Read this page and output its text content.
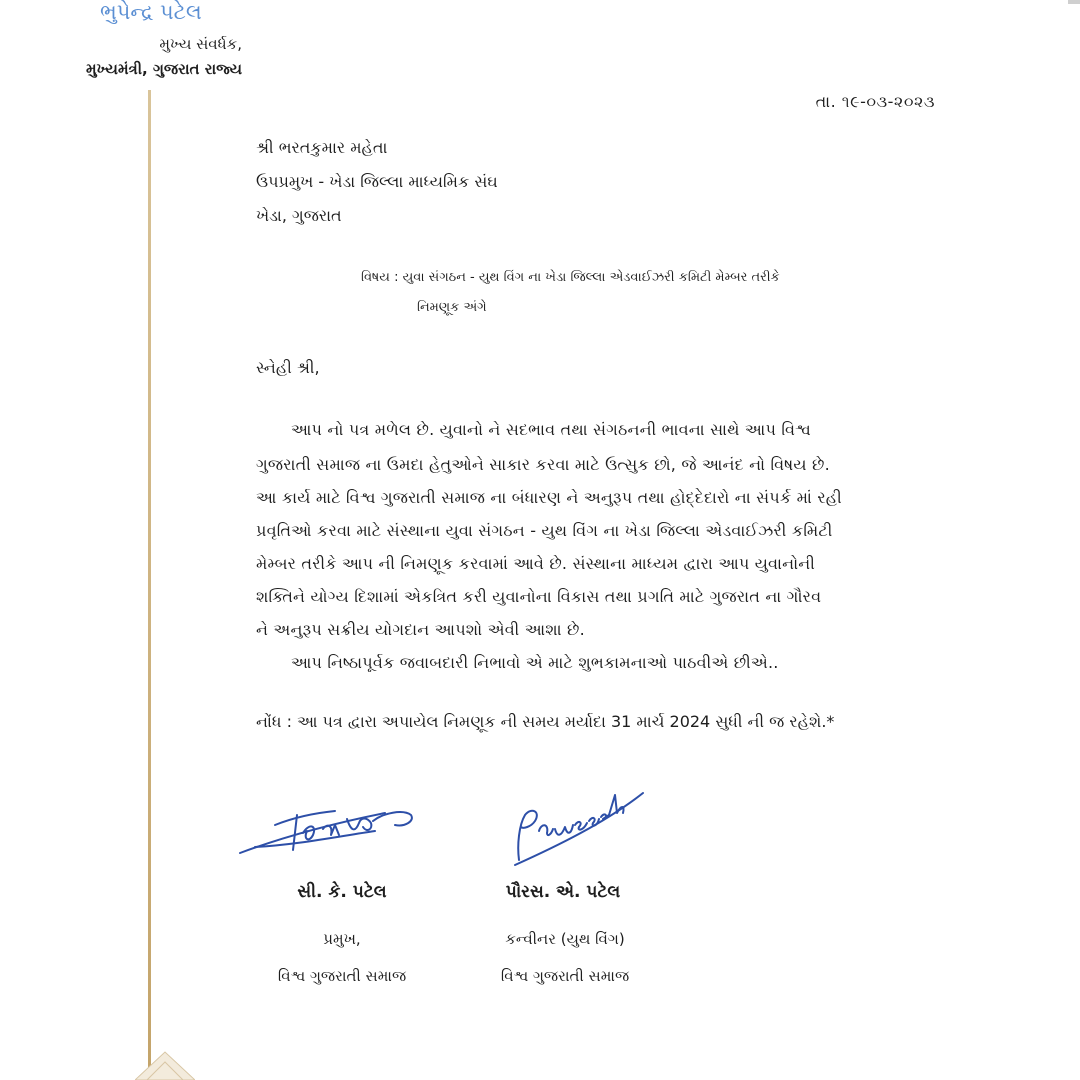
ભુપેન્દ્ર પટેલ
મુખ્ય સંવર્ધક,
મુખ્યમંત્રી, ગુજરાત રાજ્ય
તા. ૧૯-૦૩-૨૦૨૩
શ્રી ભરતકુમાર મહેતા
ઉપપ્રમુખ - ખેડા જિલ્લા માધ્યમિક સંઘ
ખેડા, ગુજરાત
વિષય : યુવા સંગઠન - યુથ વિંગ ના ખેડા જિલ્લા એડવાઈઝરી કમિટી મેમ્બર તરીકે
નિમણૂક અંગે
સ્નેહી શ્રી,
આપ નો પત્ર મળેલ છે. યુવાનો ને સદભાવ તથા સંગઠનની ભાવના સાથે આપ વિશ્વ
ગુજરાતી સમાજ ના ઉમદા હેતુઓને સાકાર કરવા માટે ઉત્સુક છો, જે આનંદ નો વિષય છે.
આ કાર્ય માટે વિશ્વ ગુજરાતી સમાજ ના બંધારણ ને અનુરૂપ તથા હોદ્દેદારો ના સંપર્ક માં રહી
પ્રવૃતિઓ કરવા માટે સંસ્થાના યુવા સંગઠન - યુથ વિંગ ના ખેડા જિલ્લા એડવાઈઝરી કમિટી
મેમ્બર તરીકે આપ ની નિમણૂક કરવામાં આવે છે. સંસ્થાના માધ્યમ દ્વારા આપ યુવાનોની
શક્તિને યોગ્ય દિશામાં એકત્રિત કરી યુવાનોના વિકાસ તથા પ્રગતિ માટે ગુજરાત ના ગૌરવ
ને અનુરૂપ સક્રીય યોગદાન આપશો એવી આશા છે.
આપ નિષ્ઠાપૂર્વક જવાબદારી નિભાવો એ માટે શુભકામનાઓ પાઠવીએ છીએ..
નોંધ : આ પત્ર દ્વારા અપાયેલ નિમણૂક ની સમય મર્યાદા 31 માર્ચ 2024 સુધી ની જ રહેશે.*
સી. કે. પટેલ
પ્રમુખ,
વિશ્વ ગુજરાતી સમાજ
પૌરસ. એ. પટેલ
કન્વીનર (યુથ વિંગ)
વિશ્વ ગુજરાતી સમાજ
